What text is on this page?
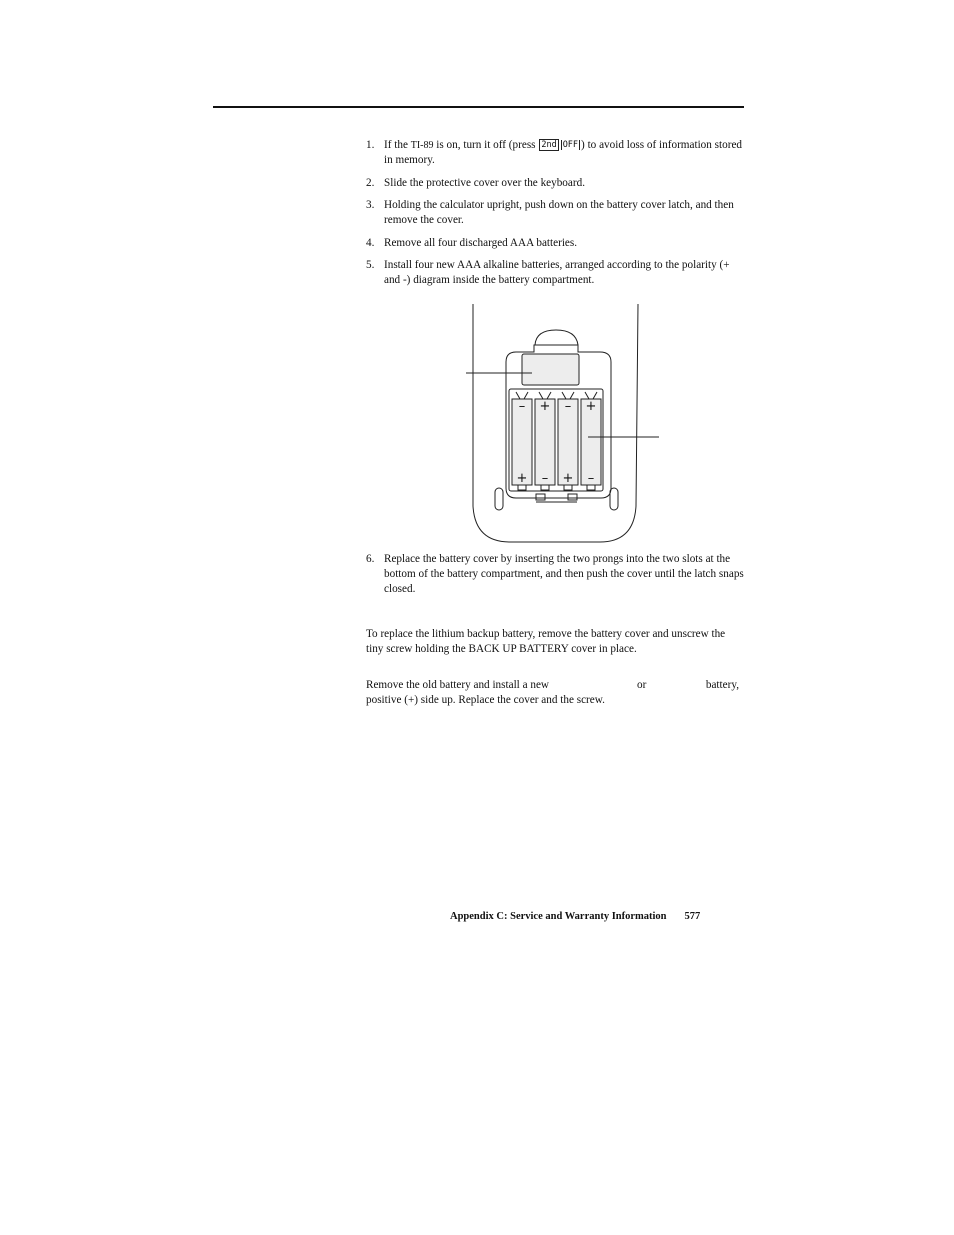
1. If the TI-89 is on, turn it off (press 2nd OFF ) to avoid loss of information stored in memory.
2. Slide the protective cover over the keyboard.
3. Holding the calculator upright, push down on the battery cover latch, and then remove the cover.
4. Remove all four discharged AAA batteries.
5. Install four new AAA alkaline batteries, arranged according to the polarity (+ and -) diagram inside the battery compartment.
– + – +
+ – + –
6. Replace the battery cover by inserting the two prongs into the two slots at the bottom of the battery compartment, and then push the cover until the latch snaps closed.
To replace the lithium backup battery, remove the battery cover and unscrew the tiny screw holding the BACK UP BATTERY cover in place.
Remove the old battery and install a new	or	battery,
positive (+) side up. Replace the cover and the screw.
Appendix C: Service and Warranty Information 577
